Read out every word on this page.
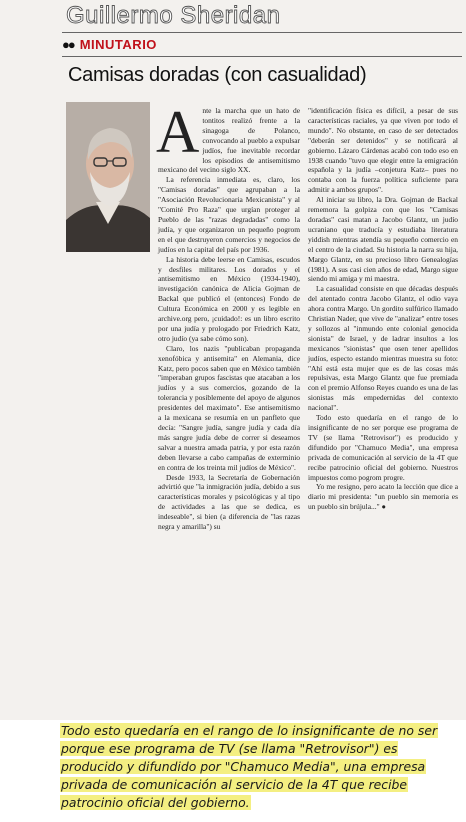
Guillermo Sheridan
●● MINUTARIO
Camisas doradas (con casualidad)

Ante la marcha que un hato de tontitos realizó frente a la sinagoga de Polanco, convocando al pueblo a expulsar judíos, fue inevitable recordar los episodios de antisemitismo mexicano del vecino siglo XX.

La referencia inmediata es, claro, los "Camisas doradas" que agrupaban a la "Asociación Revolucionaria Mexicanista" y al "Comité Pro Raza" que urgían proteger al Pueblo de las "razas degradadas" como la judía, y que organizaron un pequeño pogrom en el que destruyeron comercios y negocios de judíos en la capital del país por 1936.

La historia debe leerse en Camisas, escudos y desfiles militares. Los dorados y el antisemitismo en México (1934-1940), investigación canónica de Alicia Gojman de Backal que publicó el (entonces) Fondo de Cultura Económica en 2000 y es legible en archive.org pero, ¡cuidado!: es un libro escrito por una judía y prologado por Friedrich Katz, otro judío (ya sabe cómo son).

Claro, los nazis "publicaban propaganda xenofóbica y antisemita" en Alemania, dice Katz, pero pocos saben que en México también "imperaban grupos fascistas que atacaban a los judíos y a sus comercios, gozando de la tolerancia y posiblemente del apoyo de algunos presidentes del maximato". Ese antisemitismo a la mexicana se resumía en un panfleto que decía: "Sangre judía, sangre judía y cada día más sangre judía debe de correr si deseamos salvar a nuestra amada patria, y por esta razón deben llevarse a cabo campañas de exterminio en contra de los treinta mil judíos de México".

Desde 1933, la Secretaría de Gobernación advirtió que "la inmigración judía, debido a sus características morales y psicológicas y al tipo de actividades a las que se dedica, es indeseable", si bien (a diferencia de "las razas negra y amarilla") su

"identificación física es difícil, a pesar de sus características raciales, ya que viven por todo el mundo". No obstante, en caso de ser detectados "deberán ser detenidos" y se notificará al gobierno. Lázaro Cárdenas acabó con todo eso en 1938 cuando "tuvo que elegir entre la emigración española y la judía –conjetura Katz– pues no contaba con la fuerza política suficiente para admitir a ambos grupos".

Al iniciar su libro, la Dra. Gojman de Backal rememora la golpiza con que los "Camisas doradas" casi matan a Jacobo Glantz, un judío ucraniano que traducía y estudiaba literatura yiddish mientras atendía su pequeño comercio en el centro de la ciudad. Su historia la narra su hija, Margo Glantz, en su precioso libro Genealogías (1981). A sus casi cien años de edad, Margo sigue siendo mi amiga y mi maestra.

La casualidad consiste en que décadas después del atentado contra Jacobo Glantz, el odio vaya ahora contra Margo. Un gordito sulfúrico llamado Christian Nader, que vive de "analizar" entre toses y sollozos al "inmundo ente colonial genocida sionista" de Israel, y de ladrar insultos a los mexicanos "sionistas" que osen tener apellidos judíos, especto estando mientras muestra su foto: "Ahí está esta mujer que es de las cosas más repulsivas, esta Margo Glantz que fue premiada con el premio Alfonso Reyes cuando es una de las sionistas más empedernidas del contexto nacional".

Todo esto quedaría en el rango de lo insignificante de no ser porque ese programa de TV (se llama "Retrovisor") es producido y difundido por "Chamuco Media", una empresa privada de comunicación al servicio de la 4T que recibe patrocinio oficial del gobierno. Nuestros impuestos como pogrom progre.

Yo me resigno, pero acato la lección que dice a diario mi presidenta: "un pueblo sin memoria es un pueblo sin brújula..." ●

Todo esto quedaría en el rango de lo insignificante de no ser porque ese programa de TV (se llama "Retrovisor") es producido y difundido por "Chamuco Media", una empresa privada de comunicación al servicio de la 4T que recibe patrocinio oficial del gobierno.
